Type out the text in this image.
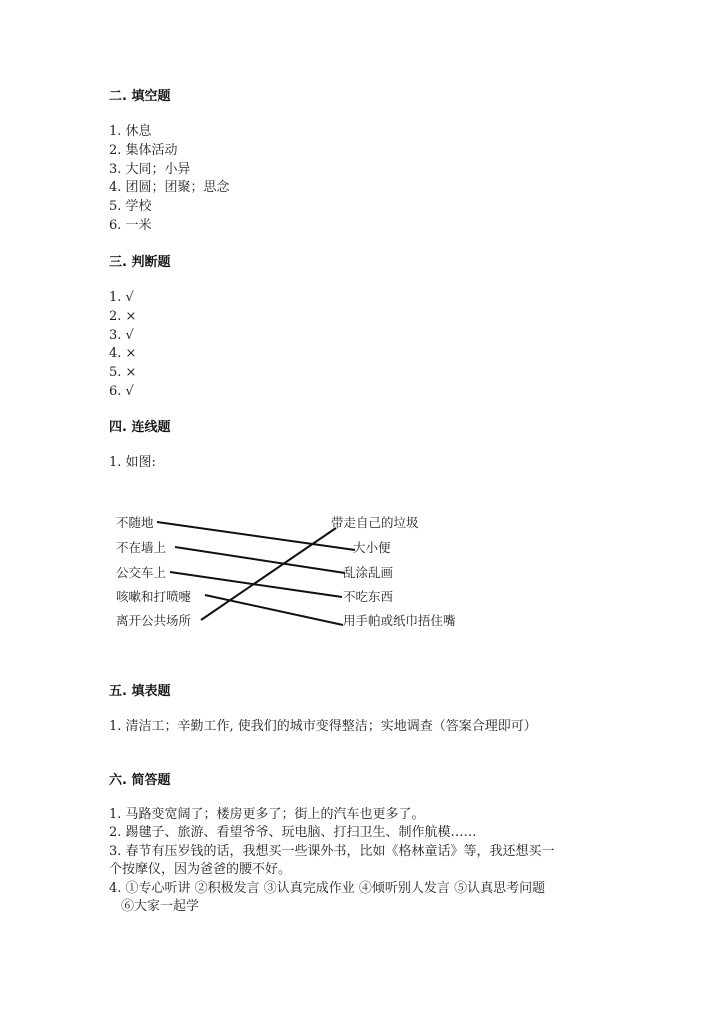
二. 填空题
1. 休息
2. 集体活动
3. 大同；小异
4. 团圆；团聚；思念
5. 学校
6. 一米
三. 判断题
1. √
2. ×
3. √
4. ×
5. ×
6. √
四. 连线题

1. 如图:

不随地
不在墙上
公交车上
咳嗽和打喷嚏
离开公共场所
带走自己的垃圾
大小便
乱涂乱画
不吃东西
用手帕或纸巾捂住嘴
五. 填表题

1. 清洁工；辛勤工作, 使我们的城市变得整洁；实地调查（答案合理即可）

六. 简答题
1. 马路变宽阔了；楼房更多了；街上的汽车也更多了。
2. 踢毽子、旅游、看望爷爷、玩电脑、打扫卫生、制作航模……
3. 春节有压岁钱的话，我想买一些课外书，比如《格林童话》等，我还想买一
个按摩仪，因为爸爸的腰不好。
4. ①专心听讲 ②积极发言 ③认真完成作业 ④倾听别人发言 ⑤认真思考问题
⑥大家一起学
